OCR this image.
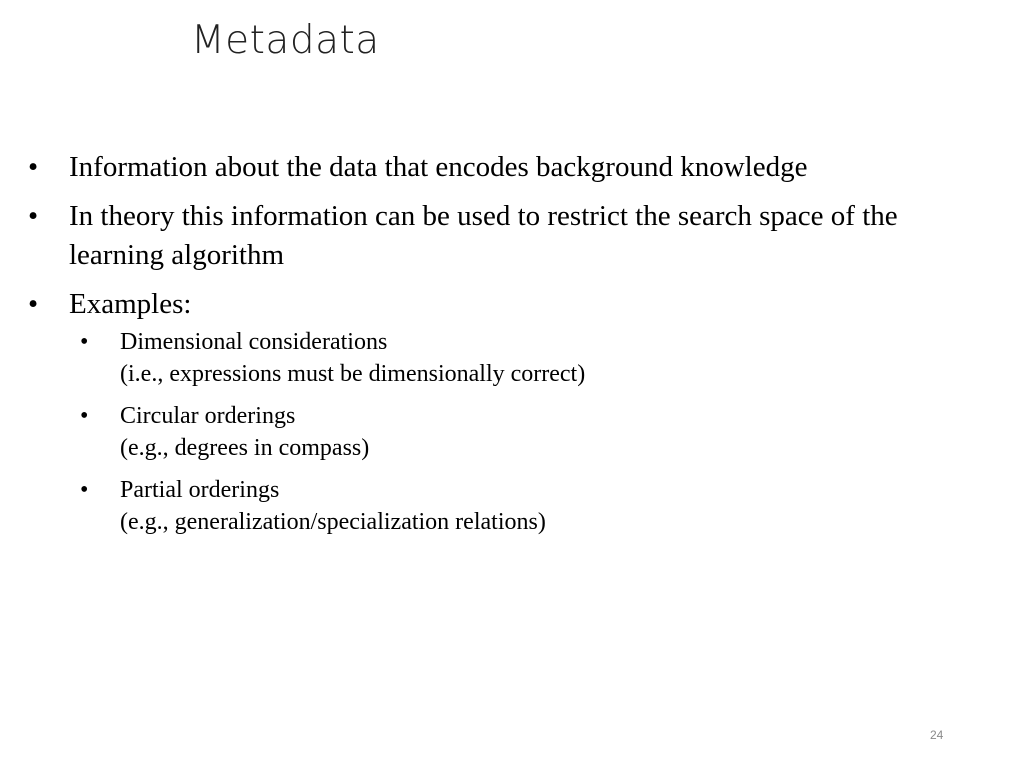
Metadata
• Information about the data that encodes background knowledge
• In theory this information can be used to restrict the search space of the learning algorithm
• Examples:
• Dimensional considerations
(i.e., expressions must be dimensionally correct)
• Circular orderings
(e.g., degrees in compass)
• Partial orderings
(e.g., generalization/specialization relations)
24
